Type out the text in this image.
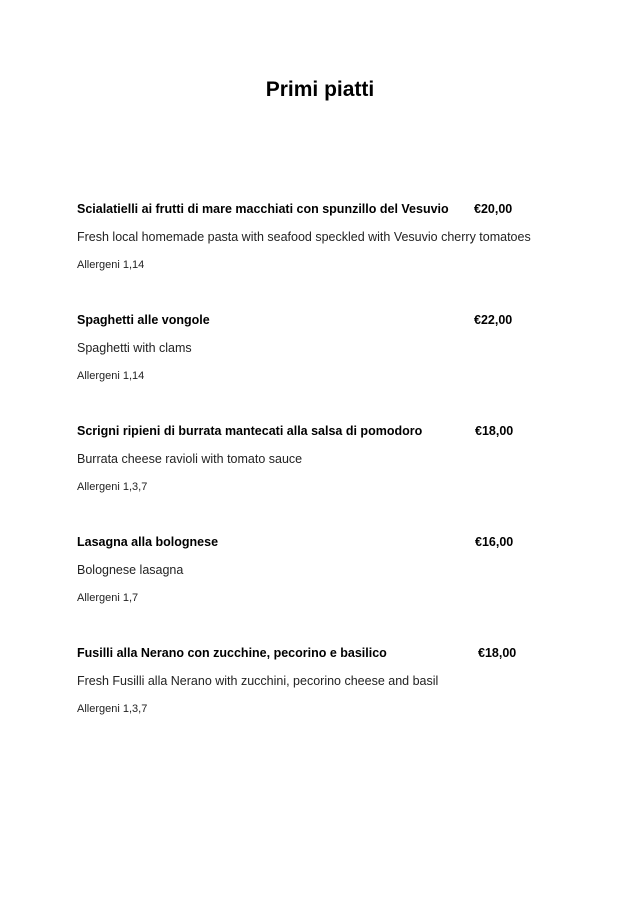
Primi piatti
Scialatielli ai frutti di mare macchiati con spunzillo del Vesuvio €20,00
Fresh local homemade pasta with seafood speckled with Vesuvio cherry tomatoes
Allergeni 1,14
Spaghetti alle vongole	€22,00
Spaghetti with clams
Allergeni 1,14
Scrigni ripieni di burrata mantecati alla salsa di pomodoro	€18,00
Burrata cheese ravioli with tomato sauce
Allergeni 1,3,7
Lasagna alla bolognese	€16,00
Bolognese lasagna
Allergeni 1,7
Fusilli alla Nerano con zucchine, pecorino e basilico	€18,00
Fresh Fusilli alla Nerano with zucchini, pecorino cheese and basil
Allergeni 1,3,7
